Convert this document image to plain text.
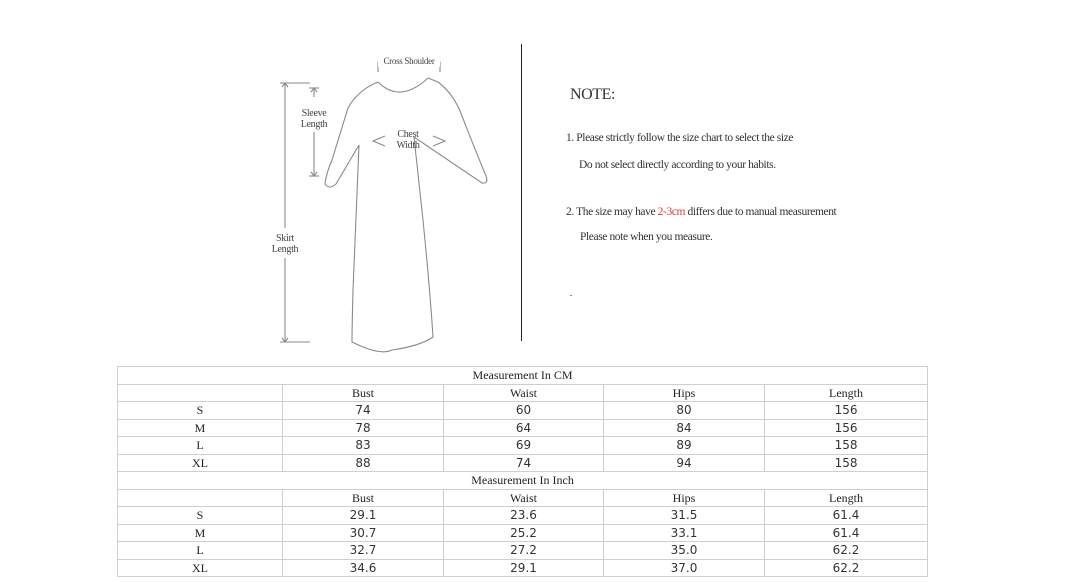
Cross Shoulder
Sleeve Length
Chest Width
Skirt Length
NOTE:
1. Please strictly follow the size chart to select the size
Do not select directly according to your habits.
2. The size may have 2-3cm differs due to manual measurement
Please note when you measure.
Measurement In CM				
	Bust	Waist	Hips	Length
S	74	60	80	156
M	78	64	84	156
L	83	69	89	158
XL	88	74	94	158
Measurement In Inch				
	Bust	Waist	Hips	Length
S	29.1	23.6	31.5	61.4
M	30.7	25.2	33.1	61.4
L	32.7	27.2	35.0	62.2
XL	34.6	29.1	37.0	62.2
